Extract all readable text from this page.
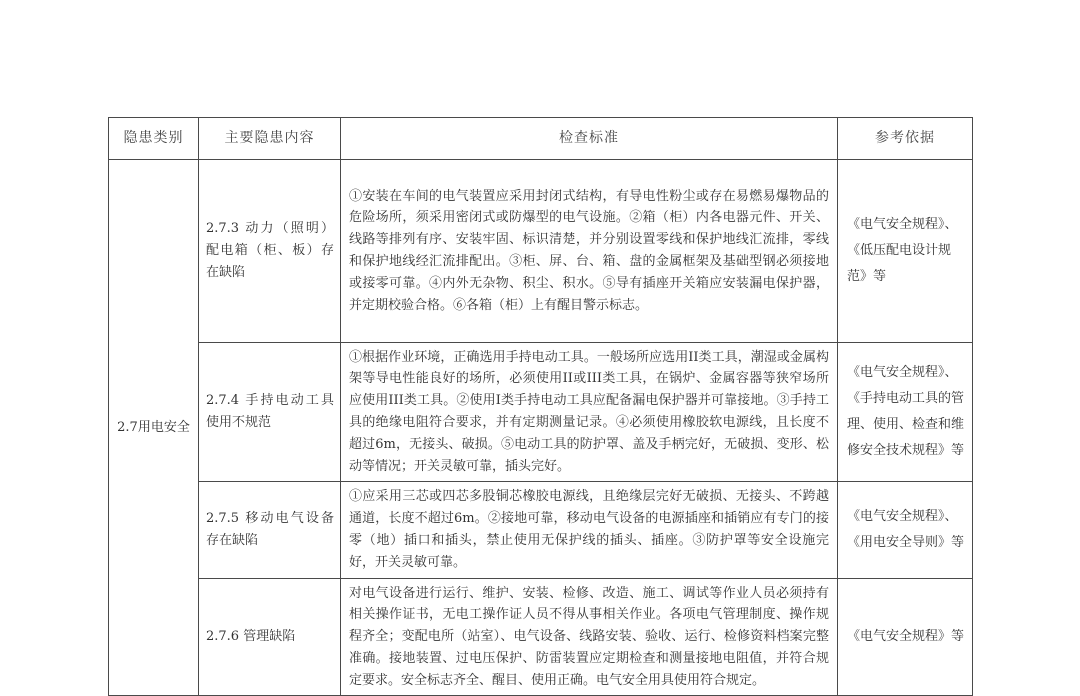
隐患类别	主要隐患内容	检查标准	参考依据
2.7用电安全	2.7.3 动力（照明）配电箱（柜、板）存在缺陷	①安装在车间的电气装置应采用封闭式结构，有导电性粉尘或存在易燃易爆物品的危险场所，须采用密闭式或防爆型的电气设施。②箱（柜）内各电器元件、开关、线路等排列有序、安装牢固、标识清楚，并分别设置零线和保护地线汇流排，零线和保护地线经汇流排配出。③柜、屏、台、箱、盘的金属框架及基础型钢必须接地或接零可靠。④内外无杂物、积尘、积水。⑤导有插座开关箱应安装漏电保护器，并定期校验合格。⑥各箱（柜）上有醒目警示标志。	《电气安全规程》、《低压配电设计规范》等
	2.7.4 手持电动工具使用不规范	①根据作业环境，正确选用手持电动工具。一般场所应选用II类工具，潮湿或金属构架等导电性能良好的场所，必须使用II或III类工具，在锅炉、金属容器等狭窄场所应使用III类工具。②使用I类手持电动工具应配备漏电保护器并可靠接地。③手持工具的绝缘电阻符合要求，并有定期测量记录。④必须使用橡胶软电源线，且长度不超过6m，无接头、破损。⑤电动工具的防护罩、盖及手柄完好，无破损、变形、松动等情况；开关灵敏可靠，插头完好。	《电气安全规程》、《手持电动工具的管理、使用、检查和维修安全技术规程》等
	2.7.5 移动电气设备存在缺陷	①应采用三芯或四芯多股铜芯橡胶电源线，且绝缘层完好无破损、无接头、不跨越通道，长度不超过6m。②接地可靠，移动电气设备的电源插座和插销应有专门的接零（地）插口和插头，禁止使用无保护线的插头、插座。③防护罩等安全设施完好，开关灵敏可靠。	《电气安全规程》、《用电安全导则》等
	2.7.6 管理缺陷	对电气设备进行运行、维护、安装、检修、改造、施工、调试等作业人员必须持有相关操作证书，无电工操作证人员不得从事相关作业。各项电气管理制度、操作规程齐全；变配电所（站室）、电气设备、线路安装、验收、运行、检修资料档案完整准确。接地装置、过电压保护、防雷装置应定期检查和测量接地电阻值，并符合规定要求。安全标志齐全、醒目、使用正确。电气安全用具使用符合规定。	《电气安全规程》等
